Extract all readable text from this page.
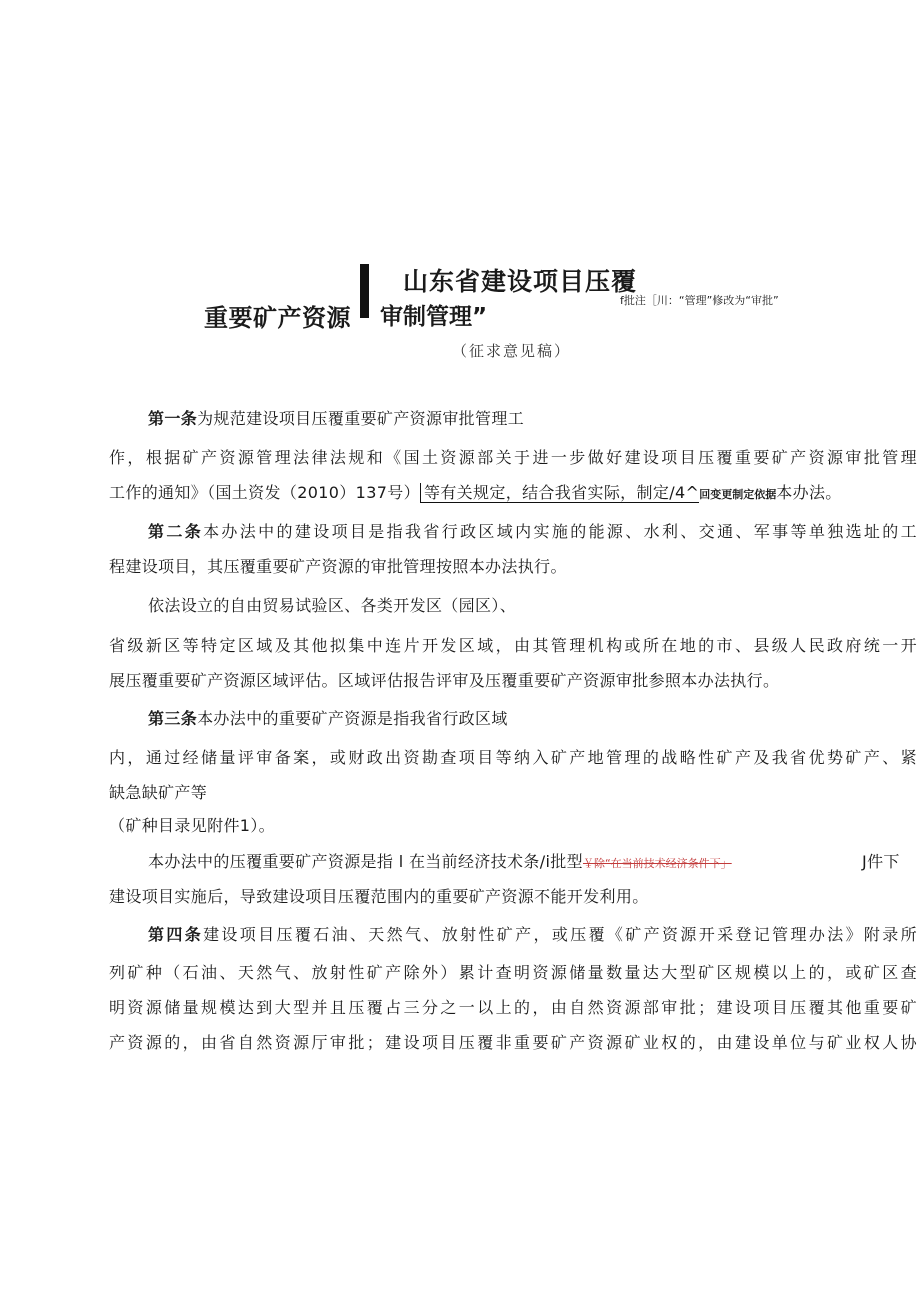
山东省建设项目压覆
重要矿产资源 审制管理”
f批注［川：“管理”修改为“审批”
（征求意见稿）
第一条为规范建设项目压覆重要矿产资源审批管理工
作，根据矿产资源管理法律法规和《国土资源部关于进一步做好建设项目压覆重要矿产资源审批管理
工作的通知》（国土资发（2010）137号） 等有关规定，结合我省实际，制定/4^回变更制定依据本办法。
第二条本办法中的建设项目是指我省行政区域内实施的能源、水利、交通、军事等单独选址的工
程建设项目，其压覆重要矿产资源的审批管理按照本办法执行。
依法设立的自由贸易试验区、各类开发区（园区）、
省级新区等特定区域及其他拟集中连片开发区域，由其管理机构或所在地的市、县级人民政府统一开
展压覆重要矿产资源区域评估。区域评估报告评审及压覆重要矿产资源审批参照本办法执行。
第三条本办法中的重要矿产资源是指我省行政区域
内，通过经储量评审备案，或财政出资勘查项目等纳入矿产地管理的战略性矿产及我省优势矿产、紧
缺急缺矿产等
（矿种目录见附件1）。
本办法中的压覆重要矿产资源是指 l 在当前经济技术条/i批型￥除“在当前技术经济条件下」	J件下
建设项目实施后，导致建设项目压覆范围内的重要矿产资源不能开发利用。
第四条建设项目压覆石油、天然气、放射性矿产，或压覆《矿产资源开采登记管理办法》附录所
列矿种（石油、天然气、放射性矿产除外）累计查明资源储量数量达大型矿区规模以上的，或矿区查
明资源储量规模达到大型并且压覆占三分之一以上的，由自然资源部审批；建设项目压覆其他重要矿
产资源的，由省自然资源厅审批；建设项目压覆非重要矿产资源矿业权的，由建设单位与矿业权人协
